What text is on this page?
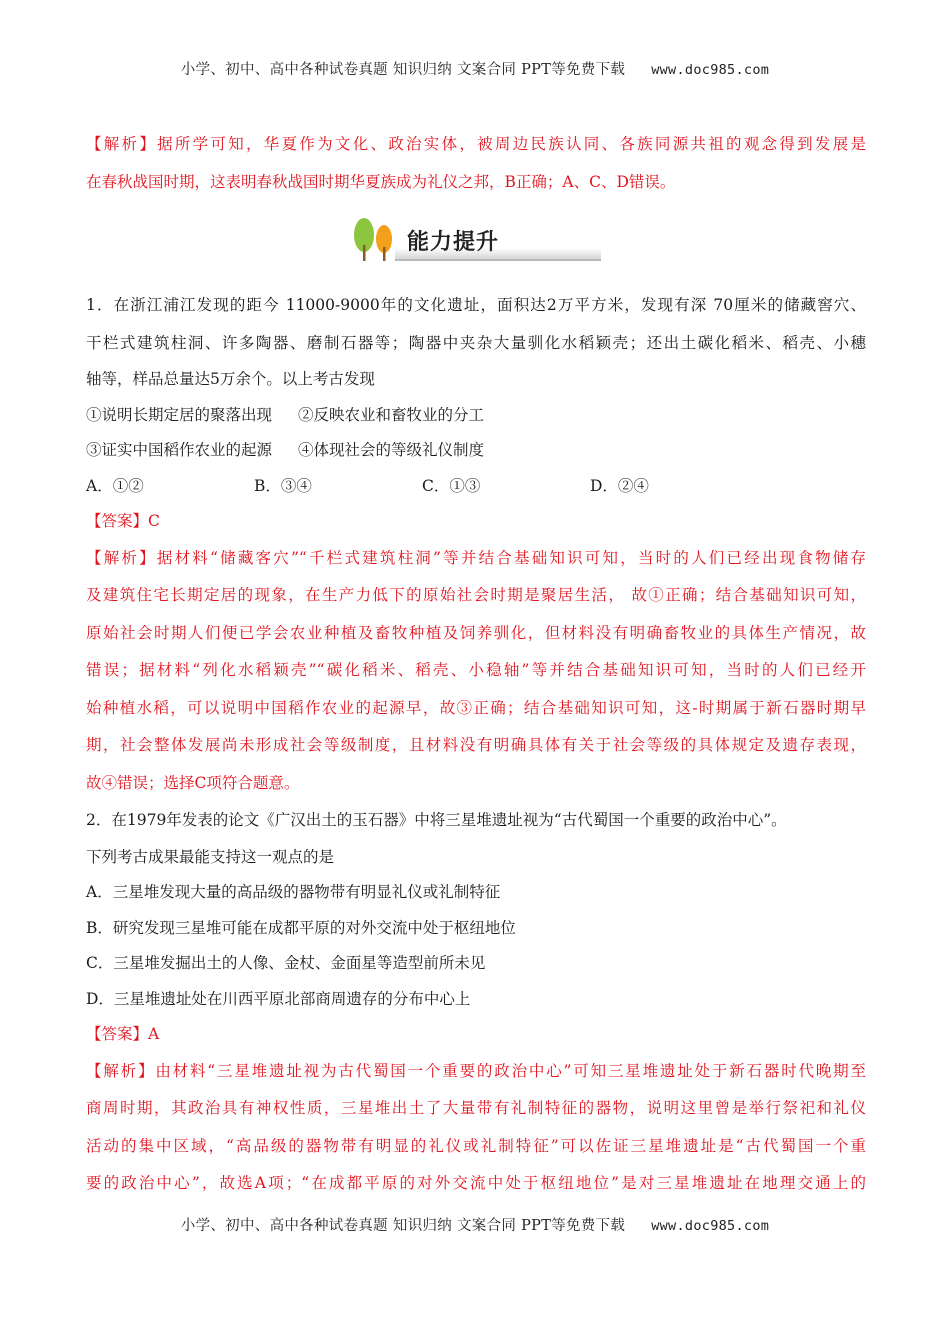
小学、初中、高中各种试卷真题 知识归纳 文案合同 PPT等免费下载 www.doc985.com
【解析】据所学可知，华夏作为文化、政治实体，被周边民族认同、各族同源共祖的观念得到发展是
在春秋战国时期，这表明春秋战国时期华夏族成为礼仪之邦，B正确；A、C、D错误。
能力提升
1．在浙江浦江发现的距今 11000-9000年的文化遗址，面积达2万平方米，发现有深 70厘米的储藏窖穴、
干栏式建筑柱洞、许多陶器、磨制石器等；陶器中夹杂大量驯化水稻颖壳；还出土碳化稻米、稻壳、小穗
轴等，样品总量达5万余个。以上考古发现
①说明长期定居的聚落出现 ②反映农业和畜牧业的分工
③证实中国稻作农业的起源 ④体现社会的等级礼仪制度
A．①②	B．③④	C．①③	D．②④
【答案】C
【解析】据材料“储藏客穴”“千栏式建筑柱洞”等并结合基础知识可知，当时的人们已经出现食物储存
及建筑住宅长期定居的现象，在生产力低下的原始社会时期是聚居生活， 故①正确；结合基础知识可知，
原始社会时期人们便已学会农业种植及畜牧种植及饲养驯化，但材料没有明确畜牧业的具体生产情况，故
错误；据材料“列化水稻颖壳”“碳化稻米、稻壳、小稳轴”等并结合基础知识可知，当时的人们已经开
始种植水稻，可以说明中国稻作农业的起源早，故③正确；结合基础知识可知，这-时期属于新石器时期早
期，社会整体发展尚未形成社会等级制度，且材料没有明确具体有关于社会等级的具体规定及遗存表现，
故④错误；选择C项符合题意。
2．在1979年发表的论文《广汉出土的玉石器》中将三星堆遗址视为“古代蜀国一个重要的政治中心”。
下列考古成果最能支持这一观点的是
A．三星堆发现大量的高品级的器物带有明显礼仪或礼制特征
B．研究发现三星堆可能在成都平原的对外交流中处于枢纽地位
C．三星堆发掘出土的人像、金杖、金面星等造型前所未见
D．三星堆遗址处在川西平原北部商周遗存的分布中心上
【答案】A
【解析】由材料“三星堆遗址视为古代蜀国一个重要的政治中心”可知三星堆遗址处于新石器时代晚期至
商周时期，其政治具有神权性质，三星堆出土了大量带有礼制特征的器物，说明这里曾是举行祭祀和礼仪
活动的集中区域，“高品级的器物带有明显的礼仪或礼制特征”可以佐证三星堆遗址是“古代蜀国一个重
要的政治中心”，故选A项；“在成都平原的对外交流中处于枢纽地位”是对三星堆遗址在地理交通上的
小学、初中、高中各种试卷真题 知识归纳 文案合同 PPT等免费下载 www.doc985.com
